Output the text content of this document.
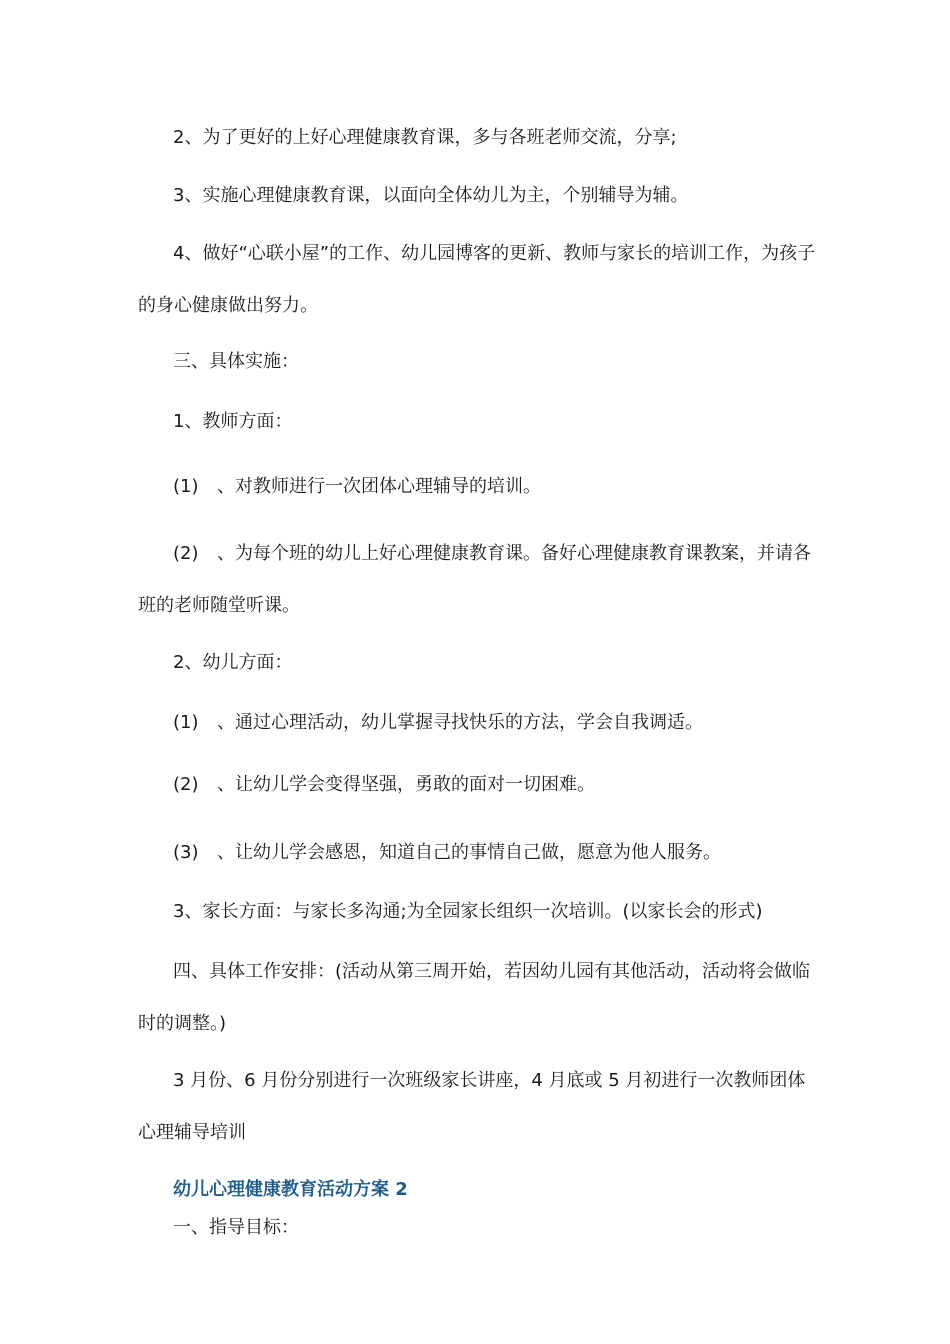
2、为了更好的上好心理健康教育课，多与各班老师交流，分享;

3、实施心理健康教育课，以面向全体幼儿为主，个别辅导为辅。

4、做好“心联小屋”的工作、幼儿园博客的更新、教师与家长的培训工作，为孩子的身心健康做出努力。

三、具体实施：

1、教师方面：

(1) 、对教师进行一次团体心理辅导的培训。

(2) 、为每个班的幼儿上好心理健康教育课。备好心理健康教育课教案，并请各班的老师随堂听课。

2、幼儿方面：

(1) 、通过心理活动，幼儿掌握寻找快乐的方法，学会自我调适。

(2) 、让幼儿学会变得坚强，勇敢的面对一切困难。

(3) 、让幼儿学会感恩，知道自己的事情自己做，愿意为他人服务。

3、家长方面：与家长多沟通;为全园家长组织一次培训。(以家长会的形式)

四、具体工作安排：(活动从第三周开始，若因幼儿园有其他活动，活动将会做临时的调整。)

3 月份、6 月份分别进行一次班级家长讲座，4 月底或 5 月初进行一次教师团体心理辅导培训

幼儿心理健康教育活动方案 2

一、指导目标：
